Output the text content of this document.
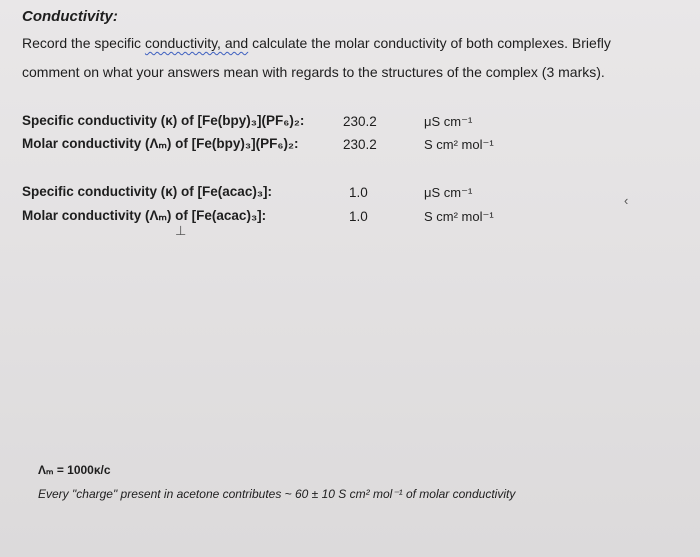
Conductivity:
Record the specific conductivity, and calculate the molar conductivity of both complexes. Briefly
comment on what your answers mean with regards to the structures of the complex (3 marks).
Specific conductivity (κ) of [Fe(bpy)₃](PF₆)₂:	230.2	μS cm⁻¹
Molar conductivity (Λₘ) of [Fe(bpy)₃](PF₆)₂:	230.2	S cm² mol⁻¹
Specific conductivity (κ) of [Fe(acac)₃]:	1.0	μS cm⁻¹
Molar conductivity (Λₘ) of [Fe(acac)₃]:	1.0	S cm² mol⁻¹
⊥
‹
Λₘ = 1000κ/c
Every "charge" present in acetone contributes ~ 60 ± 10 S cm² mol⁻¹ of molar conductivity
